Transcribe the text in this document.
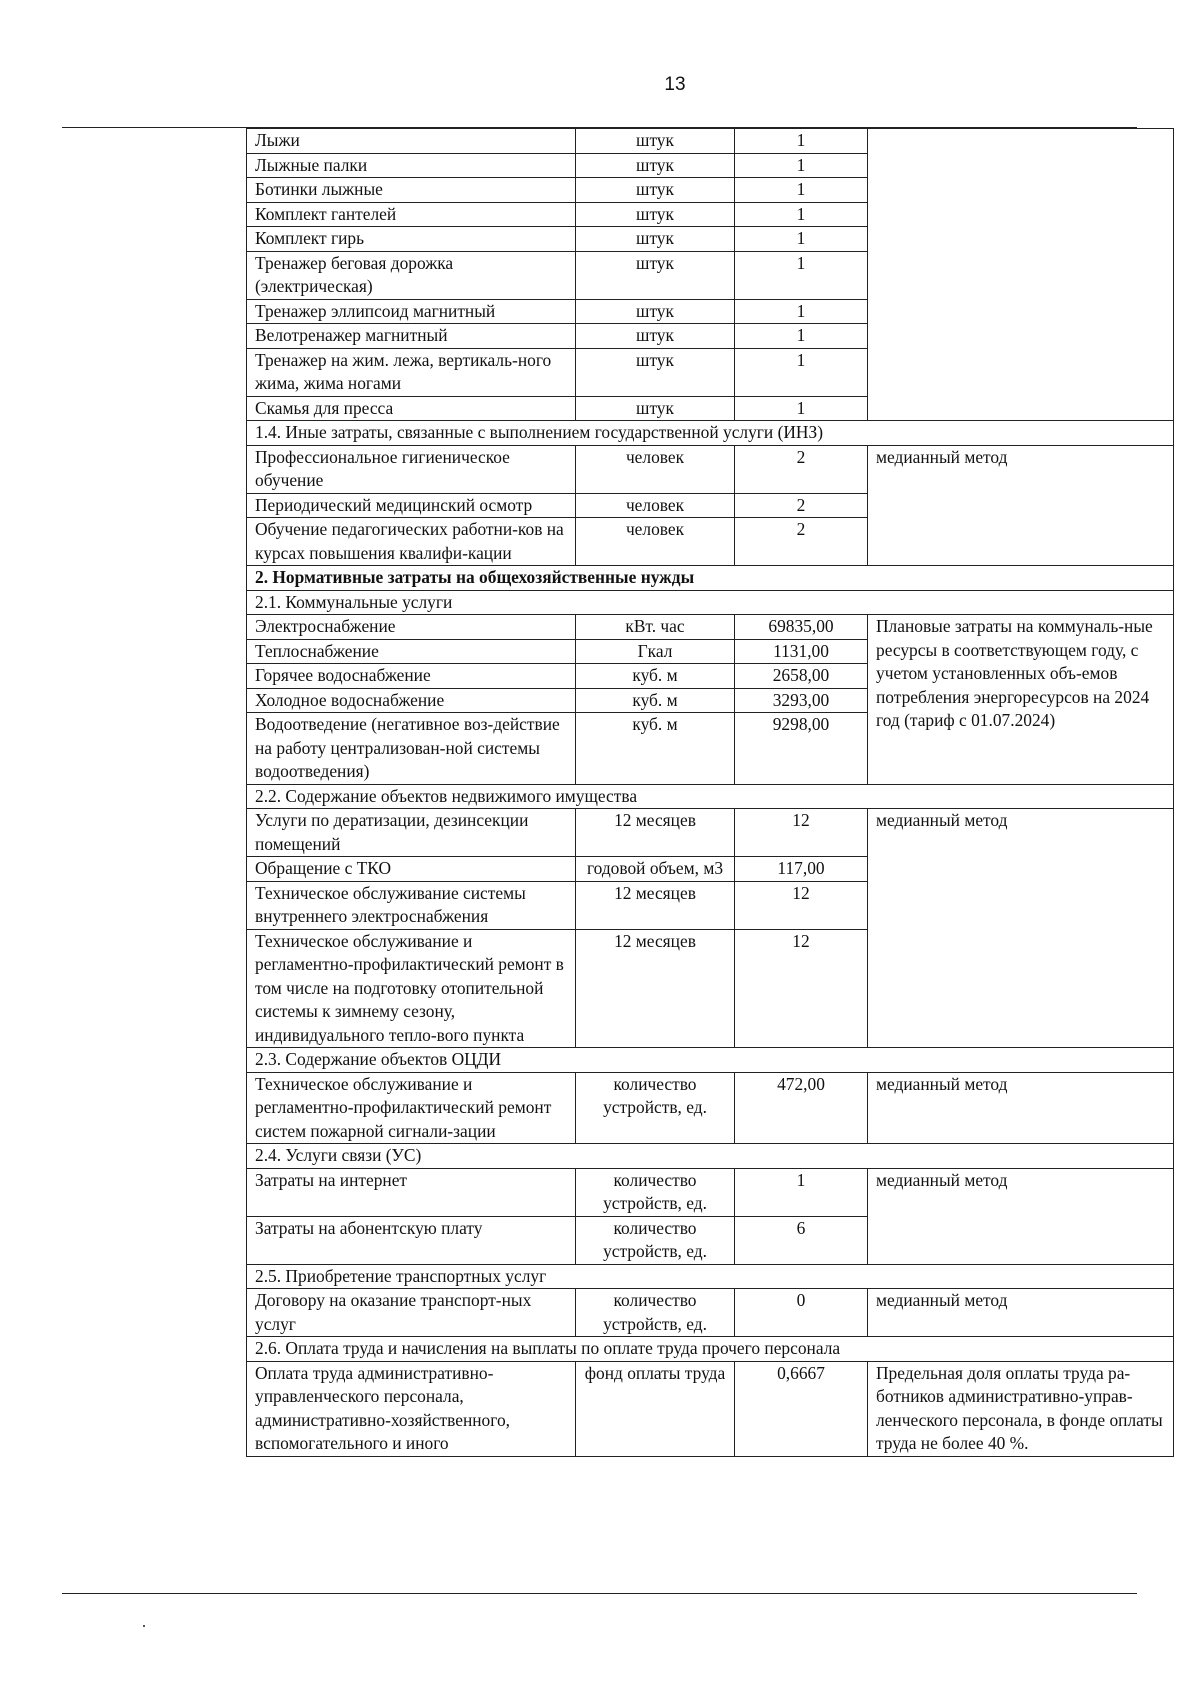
13
Лыжи	штук	1	
Лыжные палки	штук	1	
Ботинки лыжные	штук	1	
Комплект гантелей	штук	1	
Комплект гирь	штук	1	
Тренажер беговая дорожка (электрическая)	штук	1	
Тренажер эллипсоид магнитный	штук	1	
Велотренажер магнитный	штук	1	
Тренажер на жим. лежа, вертикаль-ного жима, жима ногами	штук	1	
Скамья для пресса	штук	1	
1.4. Иные затраты, связанные с выполнением государственной услуги (ИНЗ)			
Профессиональное гигиеническое обучение	человек	2	медианный метод
Периодический медицинский осмотр	человек	2	
Обучение педагогических работни-ков на курсах повышения квалифи-кации	человек	2	
2. Нормативные затраты на общехозяйственные нужды			
2.1. Коммунальные услуги			
Электроснабжение	кВт. час	69835,00	Плановые затраты на коммуналь-ные ресурсы в соответствующем году, с учетом установленных объ-емов потребления энергоресурсов на 2024 год (тариф с 01.07.2024)
Теплоснабжение	Гкал	1131,00	
Горячее водоснабжение	куб. м	2658,00	
Холодное водоснабжение	куб. м	3293,00	
Водоотведение (негативное воз-действие на работу централизован-ной системы водоотведения)	куб. м	9298,00	
2.2. Содержание объектов недвижимого имущества			
Услуги по дератизации, дезинсекции помещений	12 месяцев	12	медианный метод
Обращение с ТКО	годовой объем, м3	117,00	
Техническое обслуживание системы внутреннего электроснабжения	12 месяцев	12	
Техническое обслуживание и регламентно-профилактический ремонт в том числе на подготовку отопительной системы к зимнему сезону, индивидуального тепло-вого пункта	12 месяцев	12	
2.3. Содержание объектов ОЦДИ			
Техническое обслуживание и регламентно-профилактический ремонт систем пожарной сигнали-зации	количество устройств, ед.	472,00	медианный метод
2.4. Услуги связи (УС)			
Затраты на интернет	количество устройств, ед.	1	медианный метод
Затраты на абонентскую плату	количество устройств, ед.	6	
2.5. Приобретение транспортных услуг			
Договору на оказание транспорт-ных услуг	количество устройств, ед.	0	медианный метод
2.6. Оплата труда и начисления на выплаты по оплате труда прочего персонала			
Оплата труда административно-управленческого персонала, административно-хозяйственного, вспомогательного и иного	фонд оплаты труда	0,6667	Предельная доля оплаты труда ра-ботников административно-управ-ленческого персонала, в фонде оплаты труда не более 40 %.
